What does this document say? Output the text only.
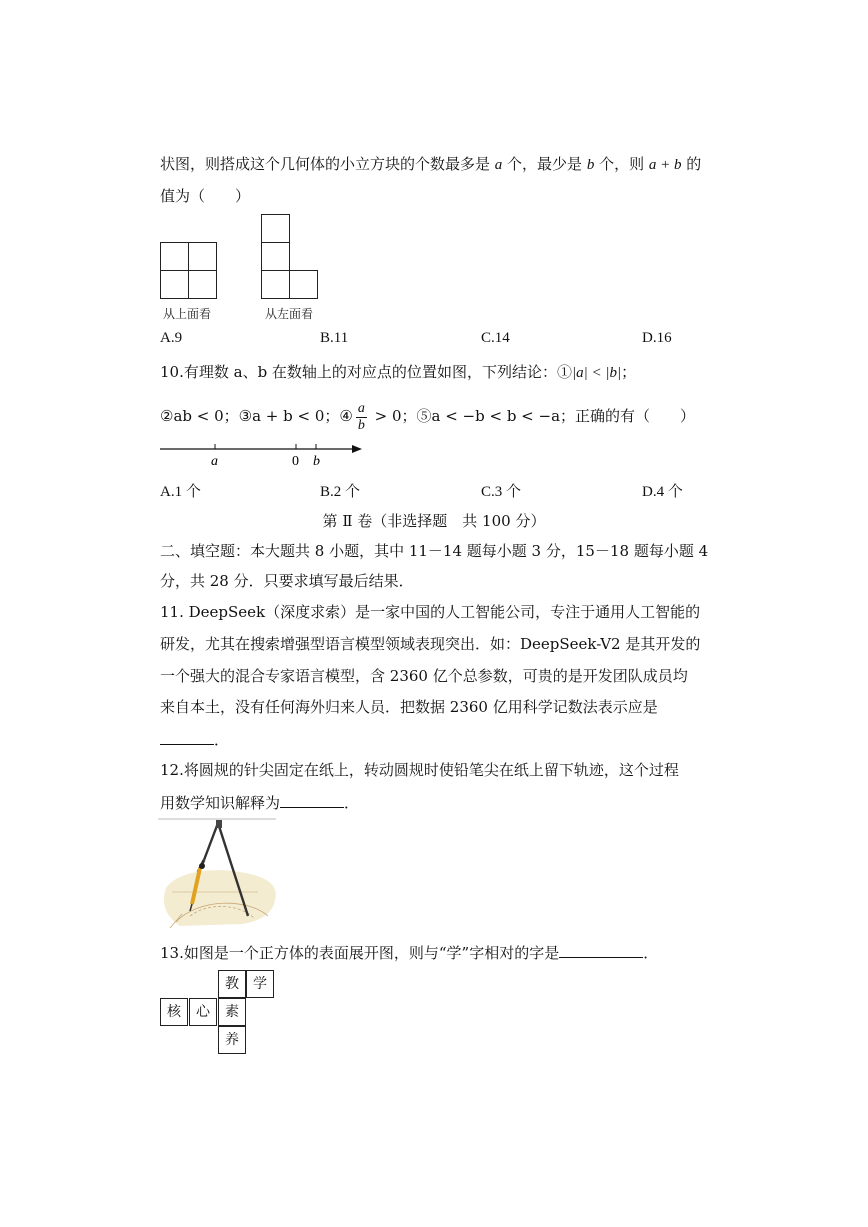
状图，则搭成这个几何体的小立方块的个数最多是 a 个，最少是 b 个，则 a + b 的
值为（　　）
从上面看	从左面看
A.9	B.11	C.14	D.16
10.有理数 a、b 在数轴上的对应点的位置如图，下列结论：①|a| < |b|；
②ab < 0；③a + b < 0；④ $\frac{a}{b} > 0$；⑤a < −b < b < −a；正确的有（　　）
a	0 b
A.1 个	B.2 个	C.3 个	D.4 个
第 Ⅱ 卷（非选择题　共 100 分）
二、填空题：本大题共 8 小题，其中 11－14 题每小题 3 分，15－18 题每小题 4
分，共 28 分．只要求填写最后结果．
11. DeepSeek（深度求索）是一家中国的人工智能公司，专注于通用人工智能的
研发，尤其在搜索增强型语言模型领域表现突出．如：DeepSeek-V2 是其开发的
一个强大的混合专家语言模型，含 2360 亿个总参数，可贵的是开发团队成员均
来自本土，没有任何海外归来人员．把数据 2360 亿用科学记数法表示应是
．
12.将圆规的针尖固定在纸上，转动圆规时使铅笔尖在纸上留下轨迹，这个过程
用数学知识解释为	．
13.如图是一个正方体的表面展开图，则与“学”字相对的字是	．
教	学
核	心	素
养
